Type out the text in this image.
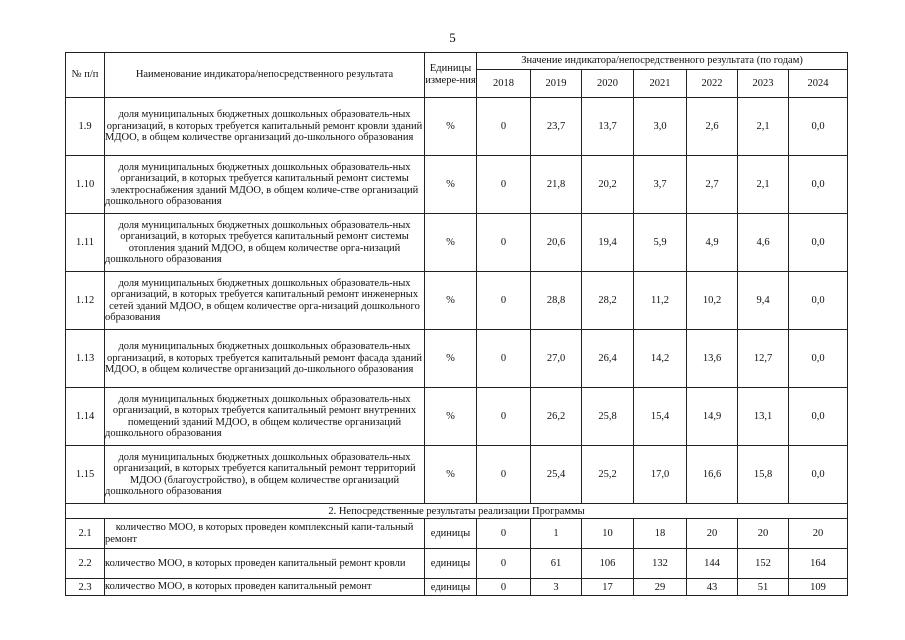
5
№ п/п	Наименование индикатора/непосредственного результата	Единицы измере-ния	Значение индикатора/непосредственного результата (по годам)						
			2018	2019	2020	2021	2022	2023	2024
1.9	доля муниципальных бюджетных дошкольных образователь-ных организаций, в которых требуется капитальный ремонт кровли зданий МДОО, в общем количестве организаций до-школьного образования	%	0	23,7	13,7	3,0	2,6	2,1	0,0
1.10	доля муниципальных бюджетных дошкольных образователь-ных организаций, в которых требуется капитальный ремонт системы электроснабжения зданий МДОО, в общем количе-стве организаций дошкольного образования	%	0	21,8	20,2	3,7	2,7	2,1	0,0
1.11	доля муниципальных бюджетных дошкольных образователь-ных организаций, в которых требуется капитальный ремонт системы отопления зданий МДОО, в общем количестве орга-низаций дошкольного образования	%	0	20,6	19,4	5,9	4,9	4,6	0,0
1.12	доля муниципальных бюджетных дошкольных образователь-ных организаций, в которых требуется капитальный ремонт инженерных сетей зданий МДОО, в общем количестве орга-низаций дошкольного образования	%	0	28,8	28,2	11,2	10,2	9,4	0,0
1.13	доля муниципальных бюджетных дошкольных образователь-ных организаций, в которых требуется капитальный ремонт фасада зданий МДОО, в общем количестве организаций до-школьного образования	%	0	27,0	26,4	14,2	13,6	12,7	0,0
1.14	доля муниципальных бюджетных дошкольных образователь-ных организаций, в которых требуется капитальный ремонт внутренних помещений зданий МДОО, в общем количестве организаций дошкольного образования	%	0	26,2	25,8	15,4	14,9	13,1	0,0
1.15	доля муниципальных бюджетных дошкольных образователь-ных организаций, в которых требуется капитальный ремонт территорий МДОО (благоустройство), в общем количестве организаций дошкольного образования	%	0	25,4	25,2	17,0	16,6	15,8	0,0
2. Непосредственные результаты реализации Программы									
2.1	количество МОО, в которых проведен комплексный капи-тальный ремонт	единицы	0	1	10	18	20	20	20
2.2	количество МОО, в которых проведен капитальный ремонт кровли	единицы	0	61	106	132	144	152	164
2.3	количество МОО, в которых проведен капитальный ремонт	единицы	0	3	17	29	43	51	109
